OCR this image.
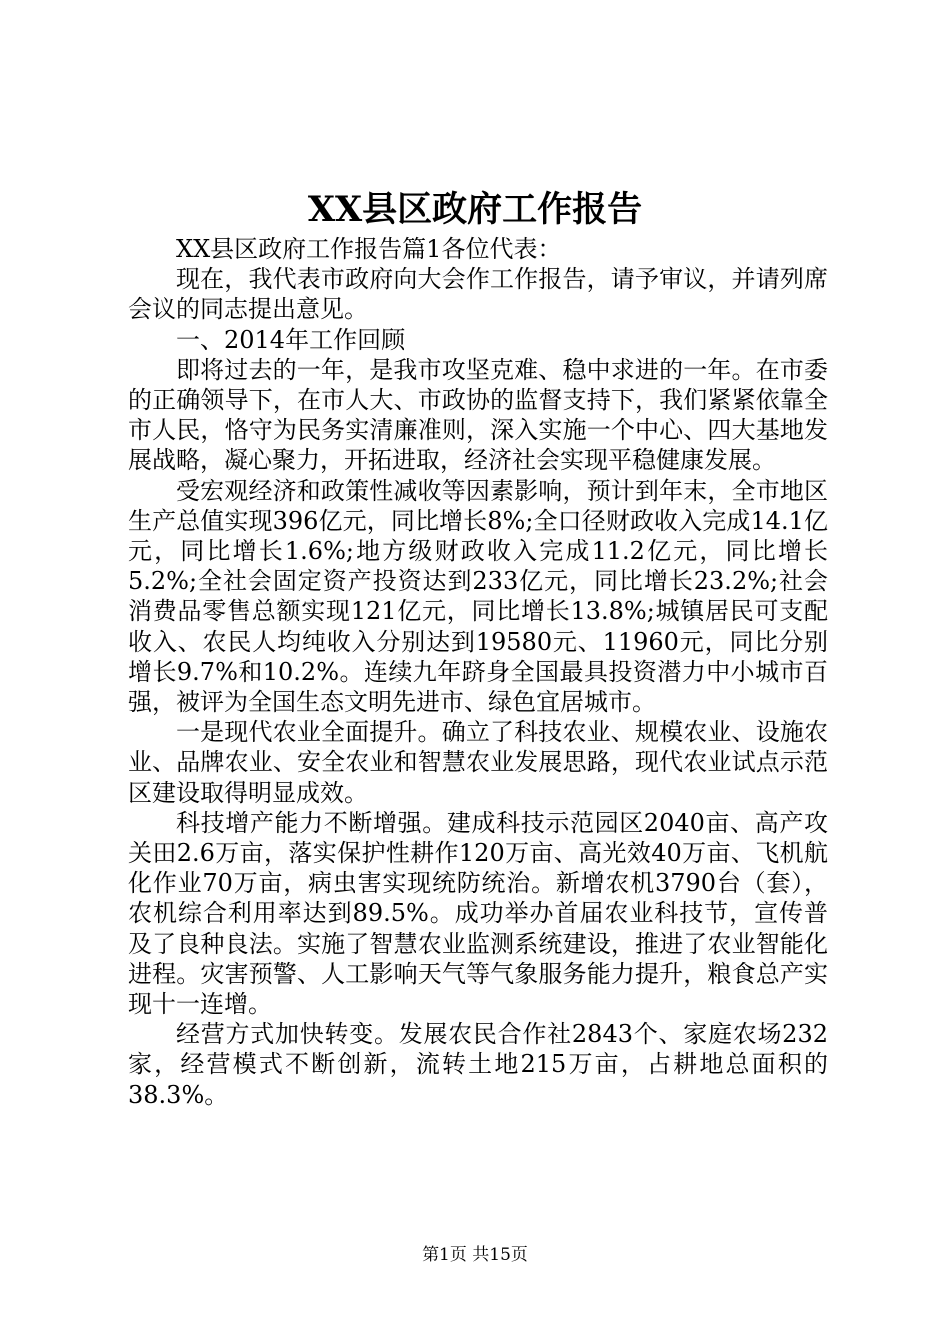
XX县区政府工作报告

XX县区政府工作报告篇1各位代表：

现在，我代表市政府向大会作工作报告，请予审议，并请列席会议的同志提出意见。

一、2014年工作回顾

即将过去的一年，是我市攻坚克难、稳中求进的一年。在市委的正确领导下，在市人大、市政协的监督支持下，我们紧紧依靠全市人民，恪守为民务实清廉准则，深入实施一个中心、四大基地发展战略，凝心聚力，开拓进取，经济社会实现平稳健康发展。

受宏观经济和政策性减收等因素影响，预计到年末，全市地区生产总值实现396亿元，同比增长8%;全口径财政收入完成14.1亿元，同比增长1.6%;地方级财政收入完成11.2亿元，同比增长5.2%;全社会固定资产投资达到233亿元，同比增长23.2%;社会消费品零售总额实现121亿元，同比增长13.8%;城镇居民可支配收入、农民人均纯收入分别达到19580元、11960元，同比分别增长9.7%和10.2%。连续九年跻身全国最具投资潜力中小城市百强，被评为全国生态文明先进市、绿色宜居城市。

一是现代农业全面提升。确立了科技农业、规模农业、设施农业、品牌农业、安全农业和智慧农业发展思路，现代农业试点示范区建设取得明显成效。

科技增产能力不断增强。建成科技示范园区2040亩、高产攻关田2.6万亩，落实保护性耕作120万亩、高光效40万亩、飞机航化作业70万亩，病虫害实现统防统治。新增农机3790台（套），农机综合利用率达到89.5%。成功举办首届农业科技节，宣传普及了良种良法。实施了智慧农业监测系统建设，推进了农业智能化进程。灾害预警、人工影响天气等气象服务能力提升，粮食总产实现十一连增。

经营方式加快转变。发展农民合作社2843个、家庭农场232家，经营模式不断创新，流转土地215万亩，占耕地总面积的38.3%。

第1页 共15页
